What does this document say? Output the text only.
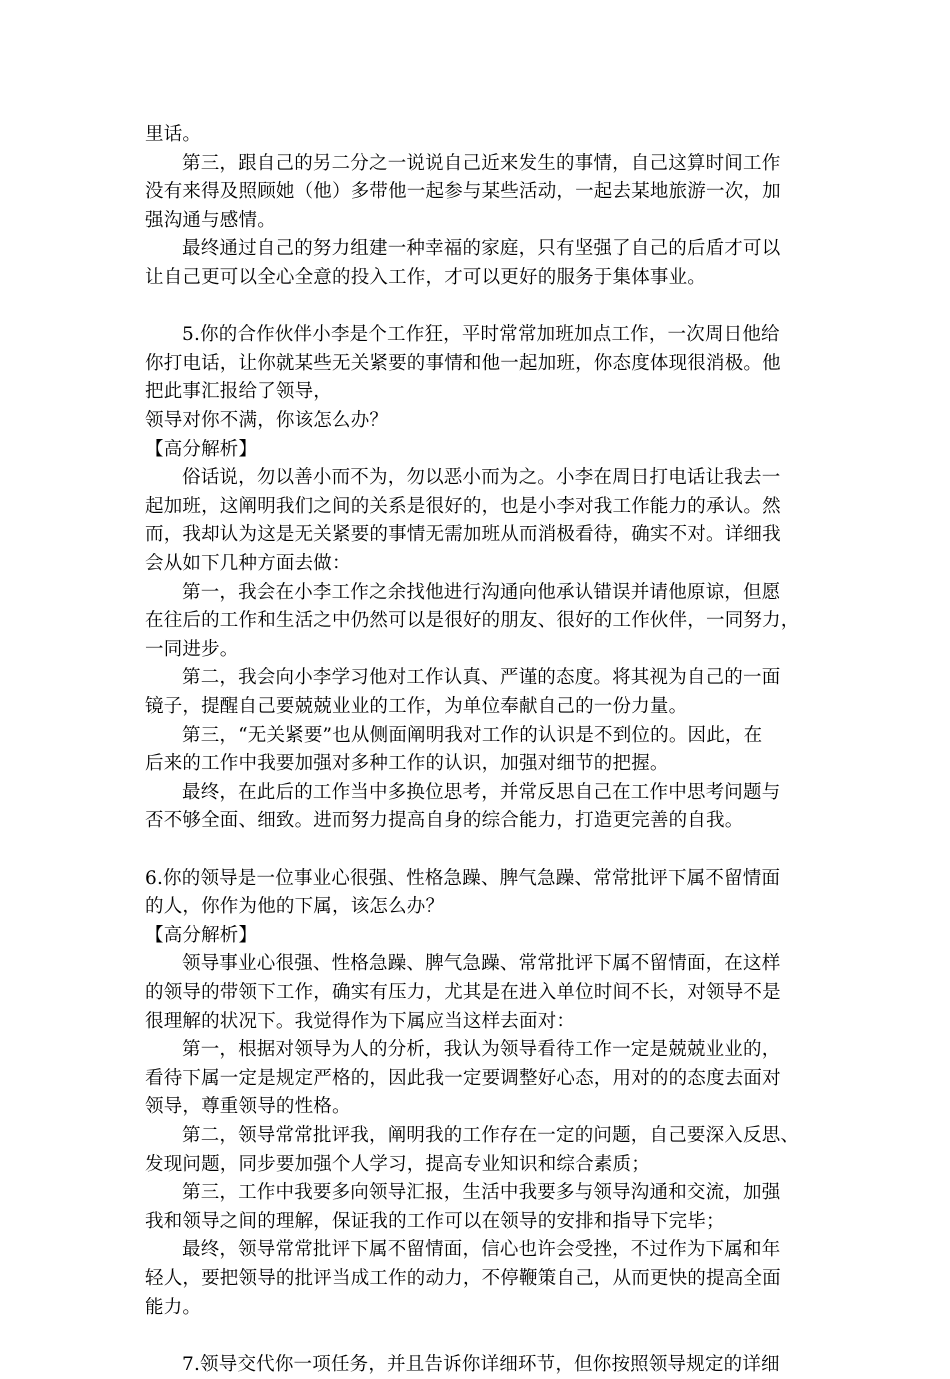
里话。
第三，跟自己的另二分之一说说自己近来发生的事情，自己这算时间工作
没有来得及照顾她（他）多带他一起参与某些活动，一起去某地旅游一次，加
强沟通与感情。
最终通过自己的努力组建一种幸福的家庭，只有坚强了自己的后盾才可以
让自己更可以全心全意的投入工作，才可以更好的服务于集体事业。
5.你的合作伙伴小李是个工作狂，平时常常加班加点工作，一次周日他给
你打电话，让你就某些无关紧要的事情和他一起加班，你态度体现很消极。他
把此事汇报给了领导，
领导对你不满，你该怎么办？
【高分解析】
俗话说，勿以善小而不为，勿以恶小而为之。小李在周日打电话让我去一
起加班，这阐明我们之间的关系是很好的，也是小李对我工作能力的承认。然
而，我却认为这是无关紧要的事情无需加班从而消极看待，确实不对。详细我
会从如下几种方面去做：
第一，我会在小李工作之余找他进行沟通向他承认错误并请他原谅，但愿
在往后的工作和生活之中仍然可以是很好的朋友、很好的工作伙伴，一同努力，
一同进步。
第二，我会向小李学习他对工作认真、严谨的态度。将其视为自己的一面
镜子，提醒自己要兢兢业业的工作，为单位奉献自己的一份力量。
第三，“无关紧要”也从侧面阐明我对工作的认识是不到位的。因此，在
后来的工作中我要加强对多种工作的认识，加强对细节的把握。
最终，在此后的工作当中多换位思考，并常反思自己在工作中思考问题与
否不够全面、细致。进而努力提高自身的综合能力，打造更完善的自我。
6.你的领导是一位事业心很强、性格急躁、脾气急躁、常常批评下属不留情面
的人，你作为他的下属，该怎么办？
【高分解析】
领导事业心很强、性格急躁、脾气急躁、常常批评下属不留情面，在这样
的领导的带领下工作，确实有压力，尤其是在进入单位时间不长，对领导不是
很理解的状况下。我觉得作为下属应当这样去面对：
第一，根据对领导为人的分析，我认为领导看待工作一定是兢兢业业的，
看待下属一定是规定严格的，因此我一定要调整好心态，用对的的态度去面对
领导，尊重领导的性格。
第二，领导常常批评我，阐明我的工作存在一定的问题，自己要深入反思、
发现问题，同步要加强个人学习，提高专业知识和综合素质；
第三，工作中我要多向领导汇报，生活中我要多与领导沟通和交流，加强
我和领导之间的理解，保证我的工作可以在领导的安排和指导下完毕；
最终，领导常常批评下属不留情面，信心也许会受挫，不过作为下属和年
轻人，要把领导的批评当成工作的动力，不停鞭策自己，从而更快的提高全面
能力。
7.领导交代你一项任务，并且告诉你详细环节，但你按照领导规定的详细
